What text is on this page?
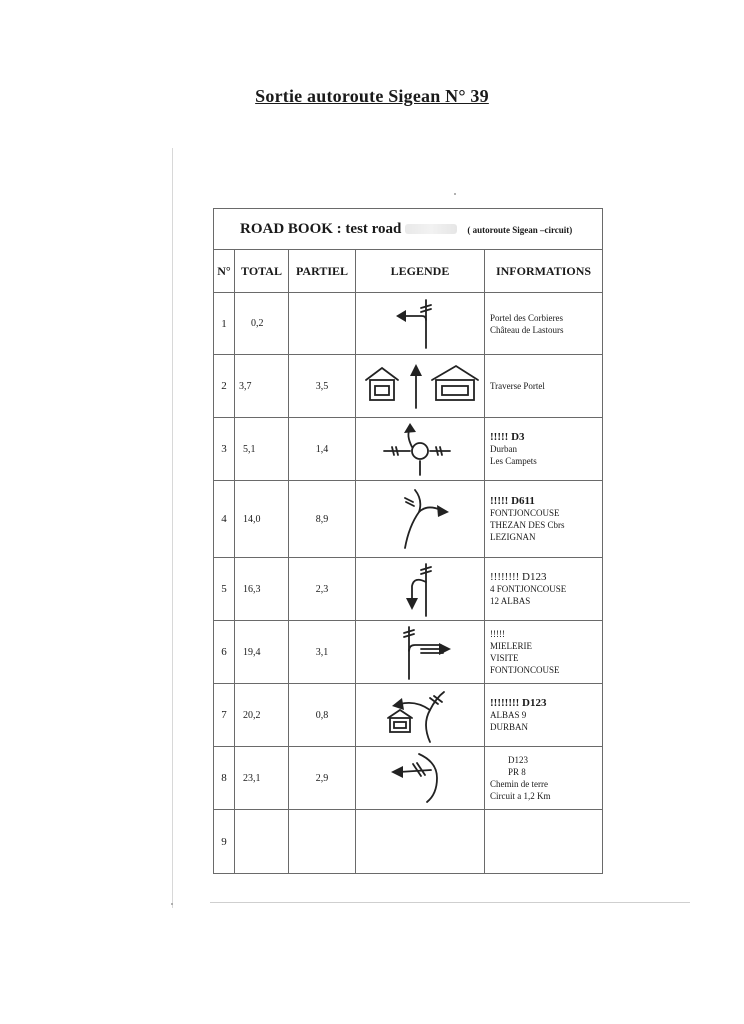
Sortie autoroute Sigean N° 39
ROAD BOOK : test road ( autoroute Sigean –circuit)				
N°	TOTAL	PARTIEL	LEGENDE	INFORMATIONS
1	0,2			Portel des Corbieres
Château de Lastours

2	3,7	3,5		Traverse Portel

3	5,1	1,4		!!!!! D3
Durban
Les Campets

4	14,0	8,9		!!!!! D611
FONTJONCOUSE
THEZAN DES Cbrs
LEZIGNAN

5	16,3	2,3		!!!!!!!! D123
4 FONTJONCOUSE
12 ALBAS

6	19,4	3,1		!!!!!
MIELERIE
VISITE
FONTJONCOUSE

7	20,2	0,8		!!!!!!!! D123
ALBAS 9
DURBAN

8	23,1	2,9		D123
PR 8
Chemin de terre
Circuit a 1,2 Km

9				
